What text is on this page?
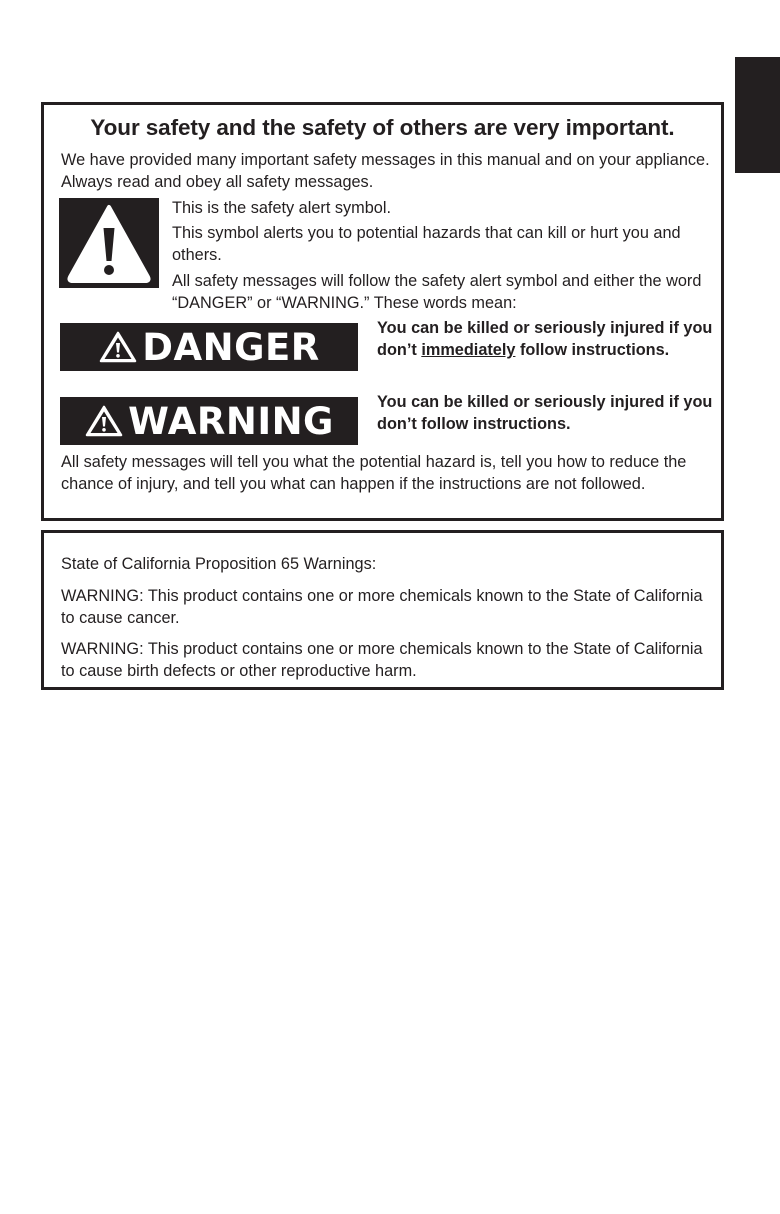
Your safety and the safety of others are very important.

We have provided many important safety messages in this manual and on your appliance. Always read and obey all safety messages.

This is the safety alert symbol.

This symbol alerts you to potential hazards that can kill or hurt you and others.

All safety messages will follow the safety alert symbol and either the word “DANGER” or “WARNING.” These words mean:

DANGER	You can be killed or seriously injured if you don’t immediately follow instructions.

WARNING	You can be killed or seriously injured if you don’t follow instructions.

All safety messages will tell you what the potential hazard is, tell you how to reduce the chance of injury, and tell you what can happen if the instructions are not followed.

State of California Proposition 65 Warnings:

WARNING: This product contains one or more chemicals known to the State of California to cause cancer.

WARNING: This product contains one or more chemicals known to the State of California to cause birth defects or other reproductive harm.
